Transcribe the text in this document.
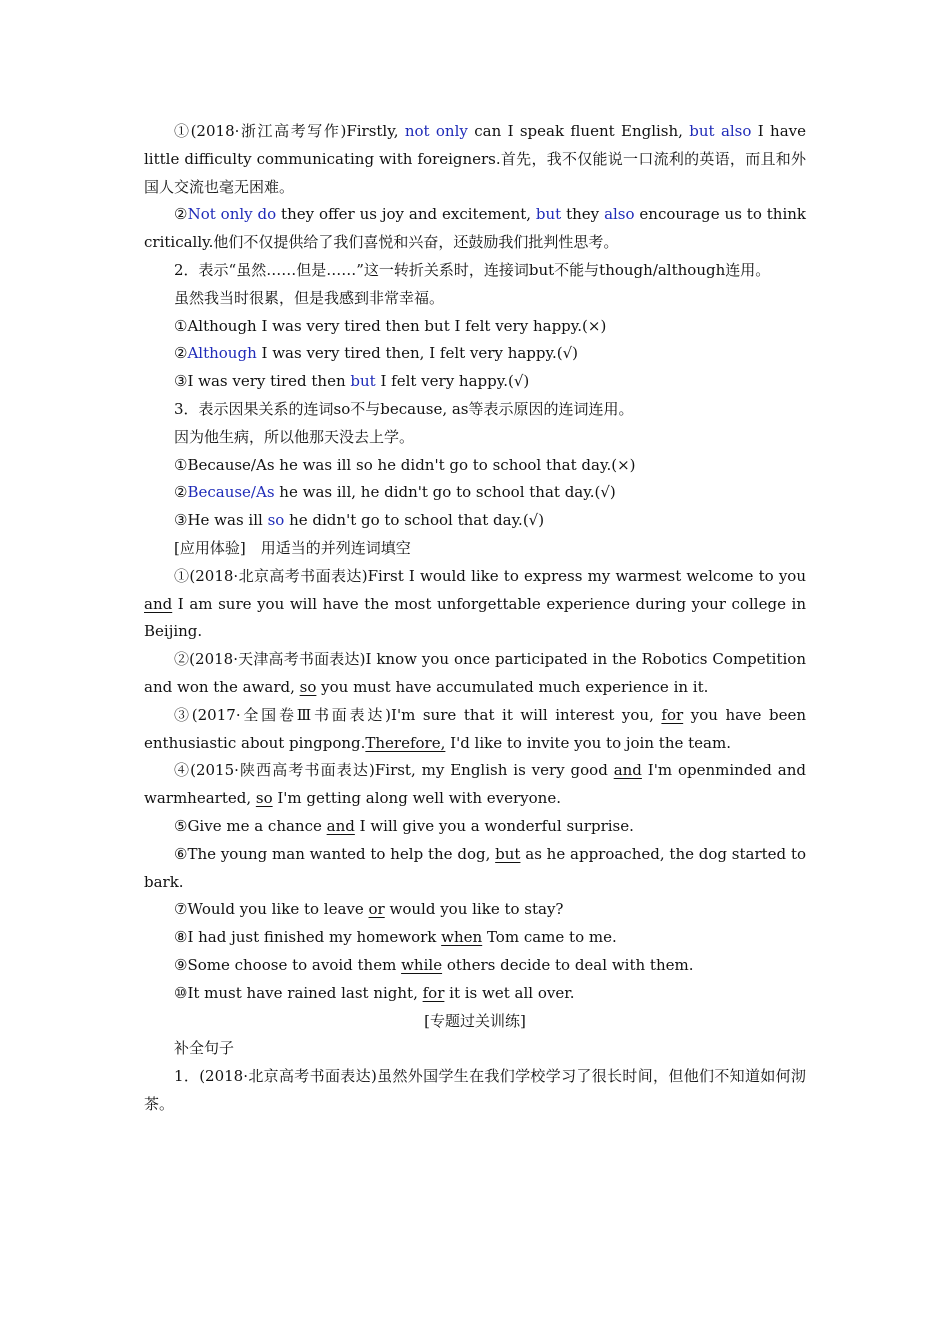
①(2018·浙江高考写作)Firstly, not only can I speak fluent English, but also I have little difficulty communicating with foreigners.首先，我不仅能说一口流利的英语，而且和外国人交流也毫无困难。

②Not only do they offer us joy and excitement, but they also encourage us to think critically.他们不仅提供给了我们喜悦和兴奋，还鼓励我们批判性思考。

2．表示“虽然……但是……”这一转折关系时，连接词but不能与though/although连用。

虽然我当时很累，但是我感到非常幸福。

①Although I was very tired then but I felt very happy.(×)

②Although I was very tired then, I felt very happy.(√)

③I was very tired then but I felt very happy.(√)

3．表示因果关系的连词so不与because, as等表示原因的连词连用。

因为他生病，所以他那天没去上学。

①Because/As he was ill so he didn't go to school that day.(×)

②Because/As he was ill, he didn't go to school that day.(√)

③He was ill so he didn't go to school that day.(√)

[应用体验]　用适当的并列连词填空

①(2018·北京高考书面表达)First I would like to express my warmest welcome to you and I am sure you will have the most unforgettable experience during your college in Beijing.

②(2018·天津高考书面表达)I know you once participated in the Robotics Competition and won the award, so you must have accumulated much experience in it.

③(2017·全国卷Ⅲ书面表达)I'm sure that it will interest you, for you have been enthusiastic about pingpong.Therefore, I'd like to invite you to join the team.

④(2015·陕西高考书面表达)First, my English is very good and I'm openminded and warmhearted, so I'm getting along well with everyone.

⑤Give me a chance and I will give you a wonderful surprise.

⑥The young man wanted to help the dog, but as he approached, the dog started to bark.

⑦Would you like to leave or would you like to stay?

⑧I had just finished my homework when Tom came to me.

⑨Some choose to avoid them while others decide to deal with them.

⑩It must have rained last night, for it is wet all over.

[专题过关训练]

补全句子

1．(2018·北京高考书面表达)虽然外国学生在我们学校学习了很长时间，但他们不知道如何沏茶。
